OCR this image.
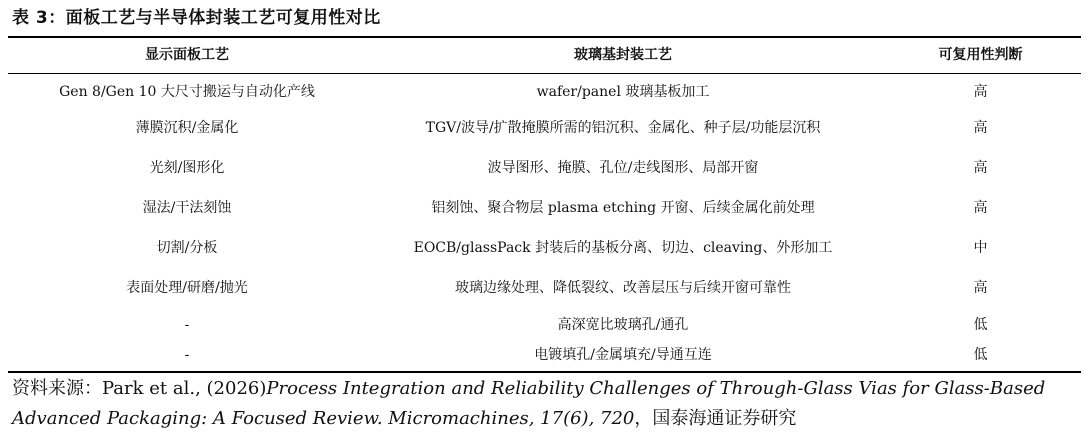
表 3：面板工艺与半导体封装工艺可复用性对比
显示面板工艺	玻璃基封装工艺	可复用性判断
Gen 8/Gen 10 大尺寸搬运与自动化产线	wafer/panel 玻璃基板加工	高
薄膜沉积/金属化	TGV/波导/扩散掩膜所需的铝沉积、金属化、种子层/功能层沉积	高
光刻/图形化	波导图形、掩膜、孔位/走线图形、局部开窗	高
湿法/干法刻蚀	铝刻蚀、聚合物层 plasma etching 开窗、后续金属化前处理	高
切割/分板	EOCB/glassPack 封装后的基板分离、切边、cleaving、外形加工	中
表面处理/研磨/抛光	玻璃边缘处理、降低裂纹、改善层压与后续开窗可靠性	高
-	高深宽比玻璃孔/通孔	低
-	电镀填孔/金属填充/导通互连	低
资料来源：Park et al., (2026)Process Integration and Reliability Challenges of Through-Glass Vias for Glass-Based Advanced Packaging: A Focused Review. Micromachines, 17(6), 720，国泰海通证券研究
